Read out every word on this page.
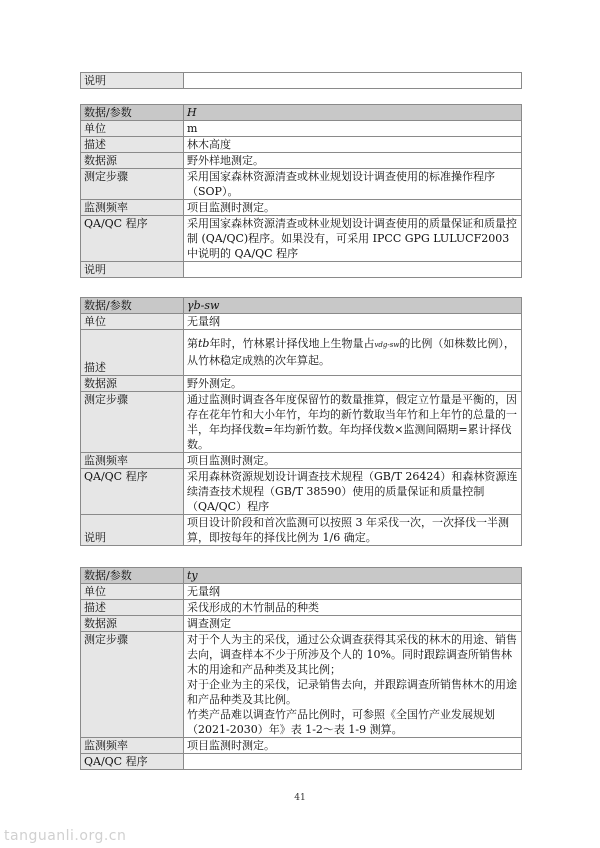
说明	
数据/参数	H
单位	m
描述	林木高度
数据源	野外样地测定。
测定步骤	采用国家森林资源清查或林业规划设计调查使用的标准操作程序（SOP）。
监测频率	项目监测时测定。
QA/QC 程序	采用国家森林资源清查或林业规划设计调查使用的质量保证和质量控制 (QA/QC)程序。如果没有，可采用 IPCC GPG LULUCF2003 中说明的 QA/QC 程序
说明	
数据/参数	γb-sw
单位	无量纲
描述	第tb年时，竹林累计择伐地上生物量占vdg-sw的比例（如株数比例），从竹林稳定成熟的次年算起。
数据源	野外测定。
测定步骤	通过监测时调查各年度保留竹的数量推算，假定立竹量是平衡的，因存在花年竹和大小年竹，年均的新竹数取当年竹和上年竹的总量的一半，年均择伐数=年均新竹数。年均择伐数×监测间隔期=累计择伐数。
监测频率	项目监测时测定。
QA/QC 程序	采用森林资源规划设计调查技术规程（GB/T 26424）和森林资源连续清查技术规程（GB/T 38590）使用的质量保证和质量控制（QA/QC）程序
说明	项目设计阶段和首次监测可以按照 3 年采伐一次，一次择伐一半测算，即按每年的择伐比例为 1/6 确定。
数据/参数	ty
单位	无量纲
描述	采伐形成的木竹制品的种类
数据源	调查测定
测定步骤	对于个人为主的采伐，通过公众调查获得其采伐的林木的用途、销售去向，调查样本不少于所涉及个人的 10%。同时跟踪调查所销售林木的用途和产品种类及其比例；
对于企业为主的采伐，记录销售去向，并跟踪调查所销售林木的用途和产品种类及其比例。
竹类产品难以调查竹产品比例时，可参照《全国竹产业发展规划（2021-2030）年》表 1-2～表 1-9 测算。

监测频率	项目监测时测定。
QA/QC 程序	
41
tanguanli.org.cn
